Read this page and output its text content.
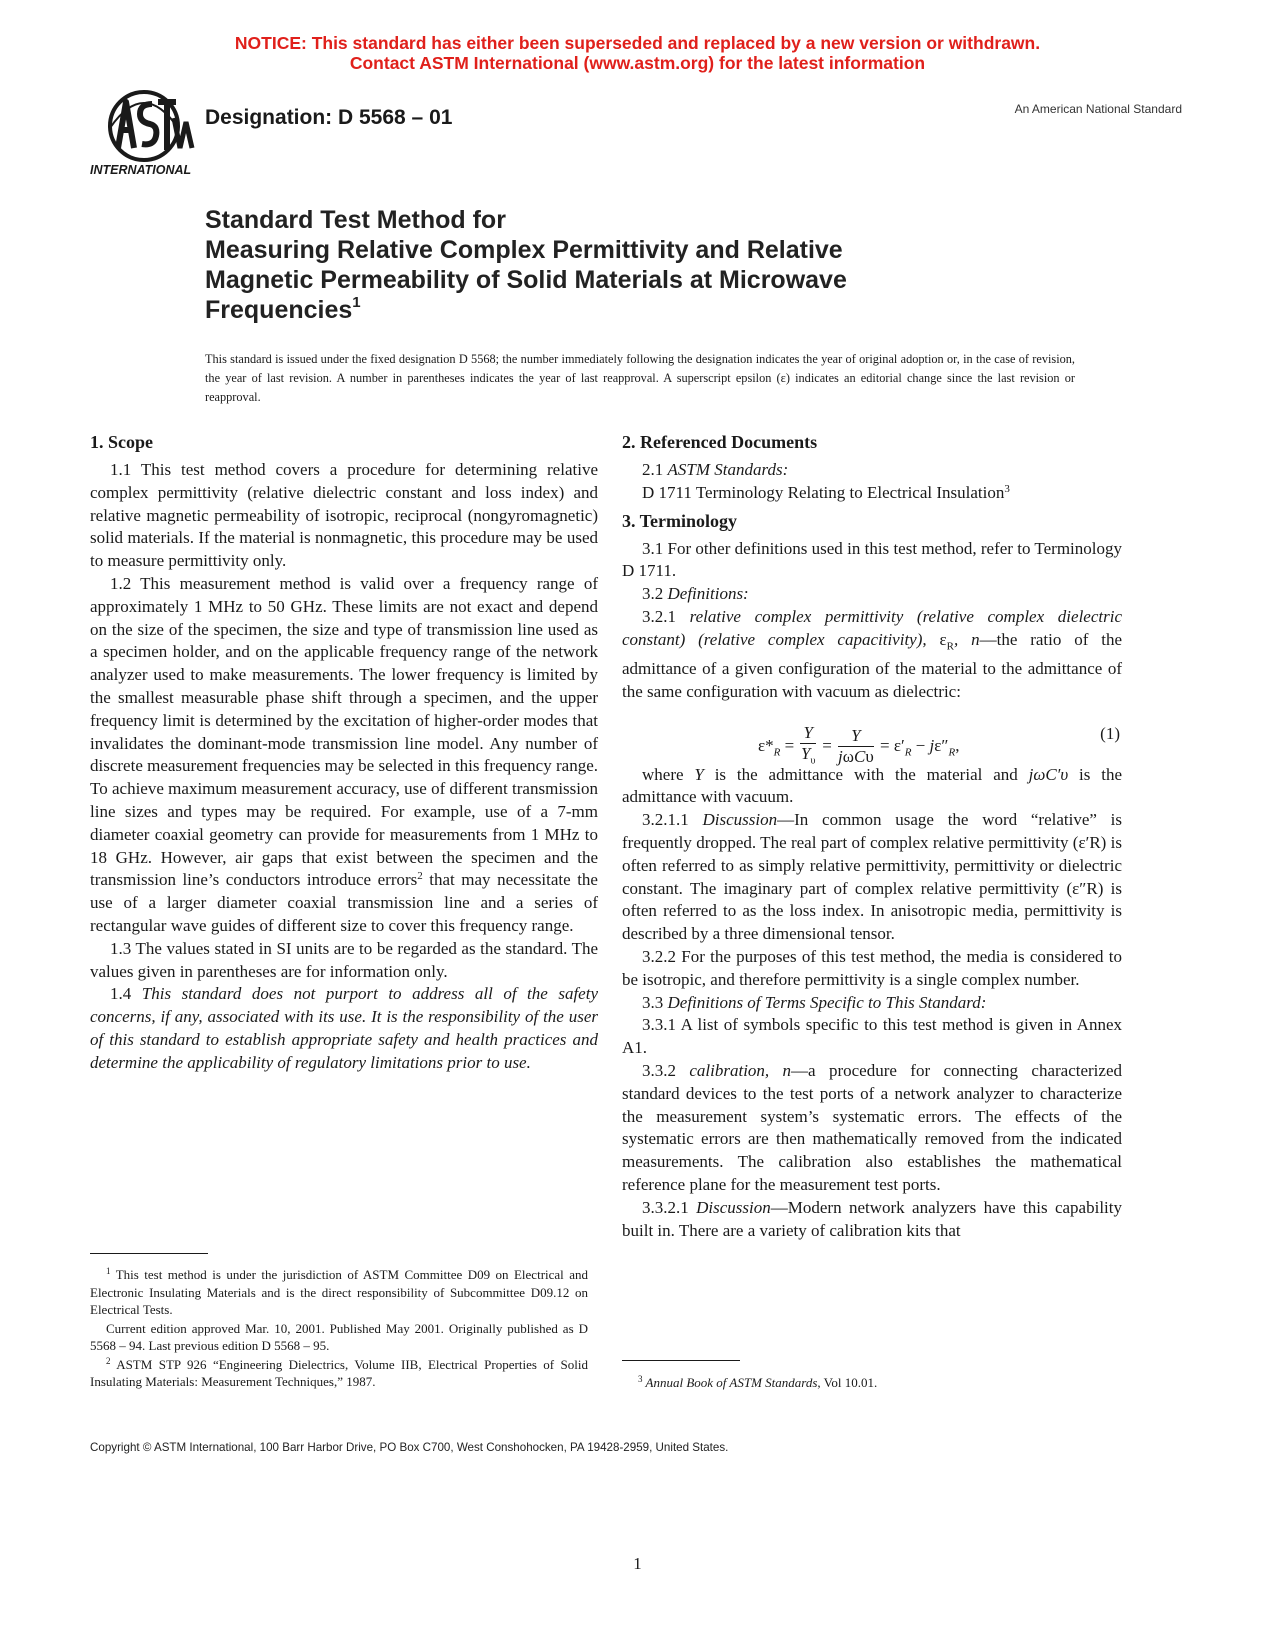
NOTICE: This standard has either been superseded and replaced by a new version or withdrawn.
Contact ASTM International (www.astm.org) for the latest information
INTERNATIONAL
Designation: D 5568 – 01	An American National Standard
Standard Test Method for
Measuring Relative Complex Permittivity and Relative
Magnetic Permeability of Solid Materials at Microwave
Frequencies$^1$
This standard is issued under the fixed designation D 5568; the number immediately following the designation indicates the year of original adoption or, in the case of revision, the year of last revision. A number in parentheses indicates the year of last reapproval. A superscript epsilon (ε) indicates an editorial change since the last revision or reapproval.
1. Scope

1.1 This test method covers a procedure for determining relative complex permittivity (relative dielectric constant and loss index) and relative magnetic permeability of isotropic, reciprocal (nongyromagnetic) solid materials. If the material is nonmagnetic, this procedure may be used to measure permittivity only.

1.2 This measurement method is valid over a frequency range of approximately 1 MHz to 50 GHz. These limits are not exact and depend on the size of the specimen, the size and type of transmission line used as a specimen holder, and on the applicable frequency range of the network analyzer used to make measurements. The lower frequency is limited by the smallest measurable phase shift through a specimen, and the upper frequency limit is determined by the excitation of higher-order modes that invalidates the dominant-mode transmission line model. Any number of discrete measurement frequencies may be selected in this frequency range. To achieve maximum measurement accuracy, use of different transmission line sizes and types may be required. For example, use of a 7-mm diameter coaxial geometry can provide for measurements from 1 MHz to 18 GHz. However, air gaps that exist between the specimen and the transmission line’s conductors introduce errors$^2$ that may necessitate the use of a larger diameter coaxial transmission line and a series of rectangular wave guides of different size to cover this frequency range.

1.3 The values stated in SI units are to be regarded as the standard. The values given in parentheses are for information only.

1.4 This standard does not purport to address all of the safety concerns, if any, associated with its use. It is the responsibility of the user of this standard to establish appropriate safety and health practices and determine the applicability of regulatory limitations prior to use.

2. Referenced Documents

2.1 ASTM Standards:

D 1711 Terminology Relating to Electrical Insulation$^3$

3. Terminology

3.1 For other definitions used in this test method, refer to Terminology D 1711.

3.2 Definitions:

3.2.1 relative complex permittivity (relative complex dielectric constant) (relative complex capacitivity), $\varepsilon_R$, n—the ratio of the admittance of a given configuration of the material to the admittance of the same configuration with vacuum as dielectric:

$\varepsilon*_R = \frac{Y}{Y_\upsilon} = Y$
jωCυ
= $\varepsilon'_R - j\varepsilon''_R$,
(1)

where Y is the admittance with the material and jωC′υ is the admittance with vacuum.

3.2.1.1 Discussion—In common usage the word “relative” is frequently dropped. The real part of complex relative permittivity (ε′R) is often referred to as simply relative permittivity, permittivity or dielectric constant. The imaginary part of complex relative permittivity (ε″R) is often referred to as the loss index. In anisotropic media, permittivity is described by a three dimensional tensor.

3.2.2 For the purposes of this test method, the media is considered to be isotropic, and therefore permittivity is a single complex number.

3.3 Definitions of Terms Specific to This Standard:

3.3.1 A list of symbols specific to this test method is given in Annex A1.

3.3.2 calibration, n—a procedure for connecting characterized standard devices to the test ports of a network analyzer to characterize the measurement system’s systematic errors. The effects of the systematic errors are then mathematically removed from the indicated measurements. The calibration also establishes the mathematical reference plane for the measurement test ports.

3.3.2.1 Discussion—Modern network analyzers have this capability built in. There are a variety of calibration kits that

$^1$ This test method is under the jurisdiction of ASTM Committee D09 on Electrical and Electronic Insulating Materials and is the direct responsibility of Subcommittee D09.12 on Electrical Tests.

Current edition approved Mar. 10, 2001. Published May 2001. Originally published as D 5568 – 94. Last previous edition D 5568 – 95.

$^2$ ASTM STP 926 “Engineering Dielectrics, Volume IIB, Electrical Properties of Solid Insulating Materials: Measurement Techniques,” 1987.	$^3$ Annual Book of ASTM Standards, Vol 10.01.

Copyright © ASTM International, 100 Barr Harbor Drive, PO Box C700, West Conshohocken, PA 19428-2959, United States.
1
